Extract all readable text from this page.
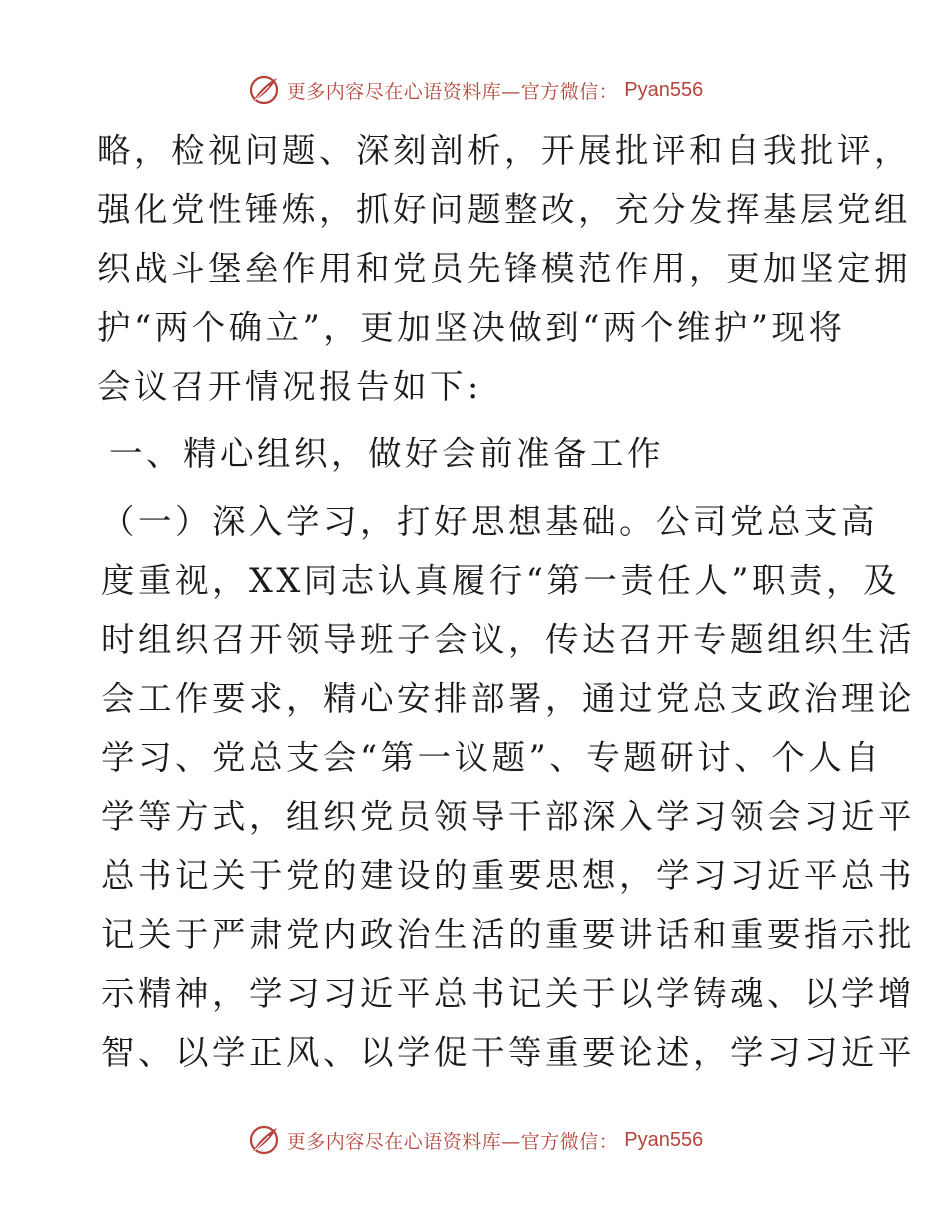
更多内容尽在心语资料库—官方微信： Pyan556

略，检视问题、深刻剖析，开展批评和自我批评，

强化党性锤炼，抓好问题整改，充分发挥基层党组

织战斗堡垒作用和党员先锋模范作用，更加坚定拥

护“两个确立”，更加坚决做到“两个维护”现将

会议召开情况报告如下:

一、精心组织，做好会前准备工作

（一）深入学习，打好思想基础。公司党总支高

度重视，XX同志认真履行“第一责任人”职责，及

时组织召开领导班子会议，传达召开专题组织生活

会工作要求，精心安排部署，通过党总支政治理论

学习、党总支会“第一议题”、专题研讨、个人自

学等方式，组织党员领导干部深入学习领会习近平

总书记关于党的建设的重要思想，学习习近平总书

记关于严肃党内政治生活的重要讲话和重要指示批

示精神，学习习近平总书记关于以学铸魂、以学增

智、以学正风、以学促干等重要论述，学习习近平

更多内容尽在心语资料库—官方微信： Pyan556
